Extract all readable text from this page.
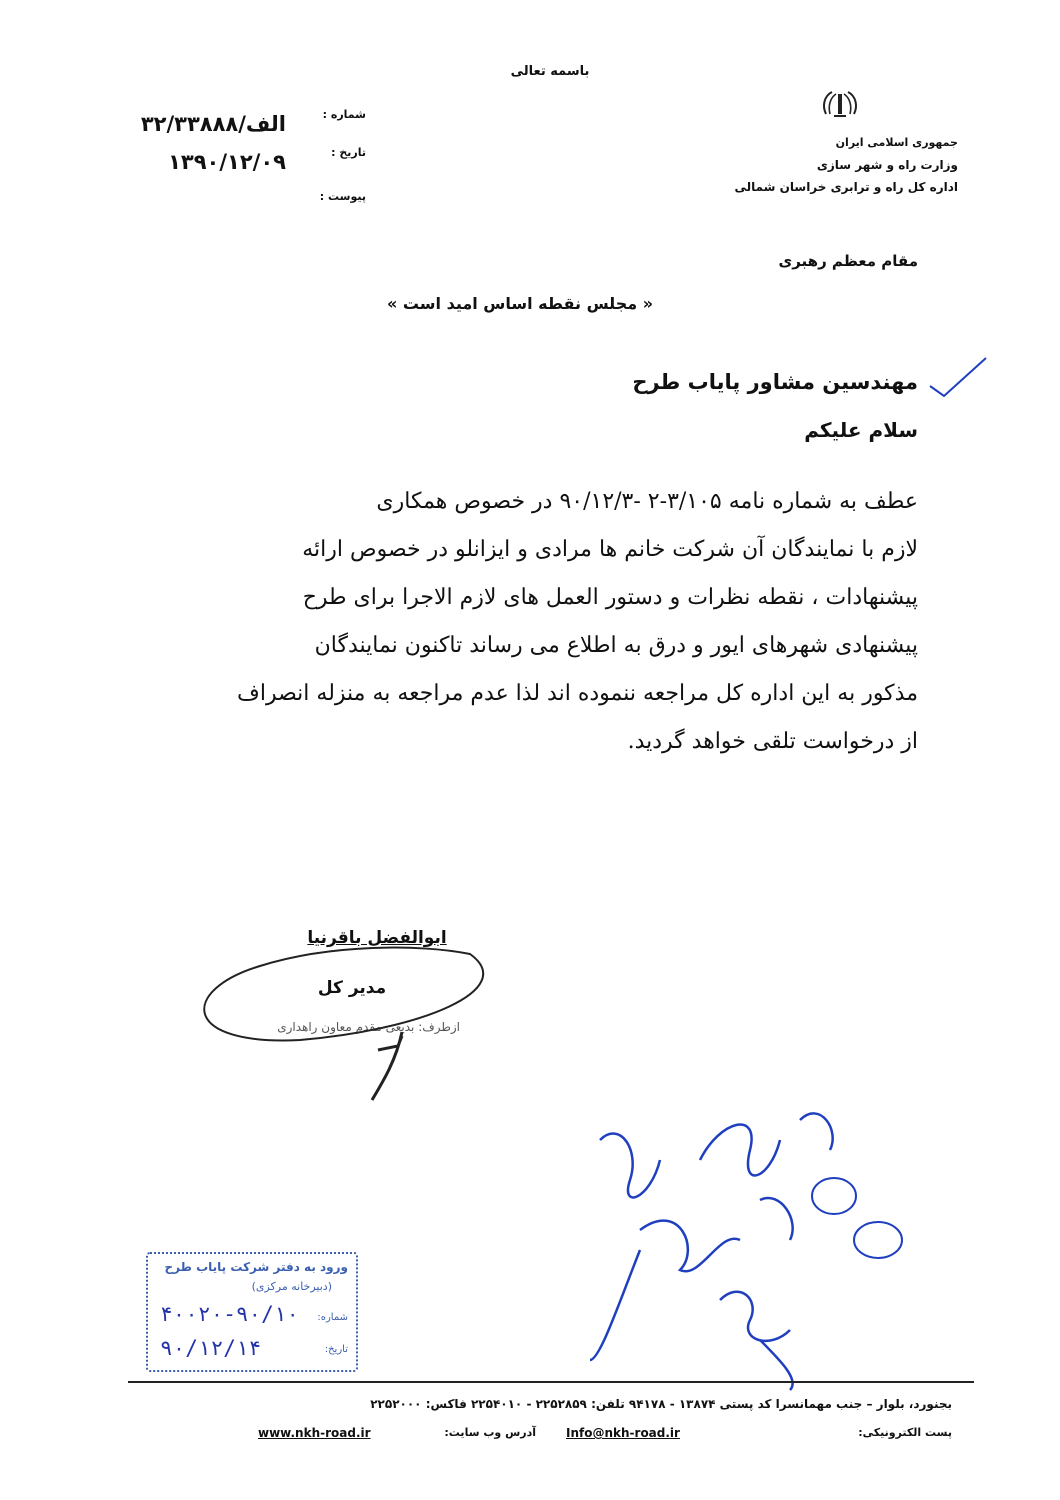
باسمه تعالی
جمهوری اسلامی ایران
وزارت راه و شهر سازی
اداره کل راه و ترابری خراسان شمالی
شماره :
الف/۳۲/۳۳۸۸۸
تاریخ :
۱۳۹۰/۱۲/۰۹
پیوست :
مقام معظم رهبری
« مجلس نقطه اساس امید است »
مهندسین مشاور پایاب طرح
سلام علیکم

عطف به شماره نامه ۳/۱۰۵-۲ -۹۰/۱۲/۳ در خصوص همکاری

لازم با نمایندگان آن شرکت خانم ها مرادی و ایزانلو در خصوص ارائه

پیشنهادات ، نقطه نظرات و دستور العمل های لازم الاجرا برای طرح

پیشنهادی شهرهای ایور و درق به اطلاع می رساند تاکنون نمایندگان

مذکور به این اداره کل مراجعه ننموده اند لذا عدم مراجعه به منزله انصراف

از درخواست تلقی خواهد گردید.

ابوالفضل باقرنیا
مدیر کل
ازطرف: بدیعی مقدم معاون راهداری
ورود به دفتر شرکت پایاب طرح
(دبیرخانه مرکزی)
شماره:
۴۰۰۲۰-۹۰/۱۰
تاریخ:
۹۰/۱۲/۱۴
بجنورد، بلوار – جنب مهمانسرا کد پستی ۱۳۸۷۴ - ۹۴۱۷۸ تلفن: ۲۲۵۲۸۵۹ - ۲۲۵۴۰۱۰ فاکس: ۲۲۵۲۰۰۰
پست الکترونیکی:
Info@nkh-road.ir
آدرس وب سایت:
www.nkh-road.ir
